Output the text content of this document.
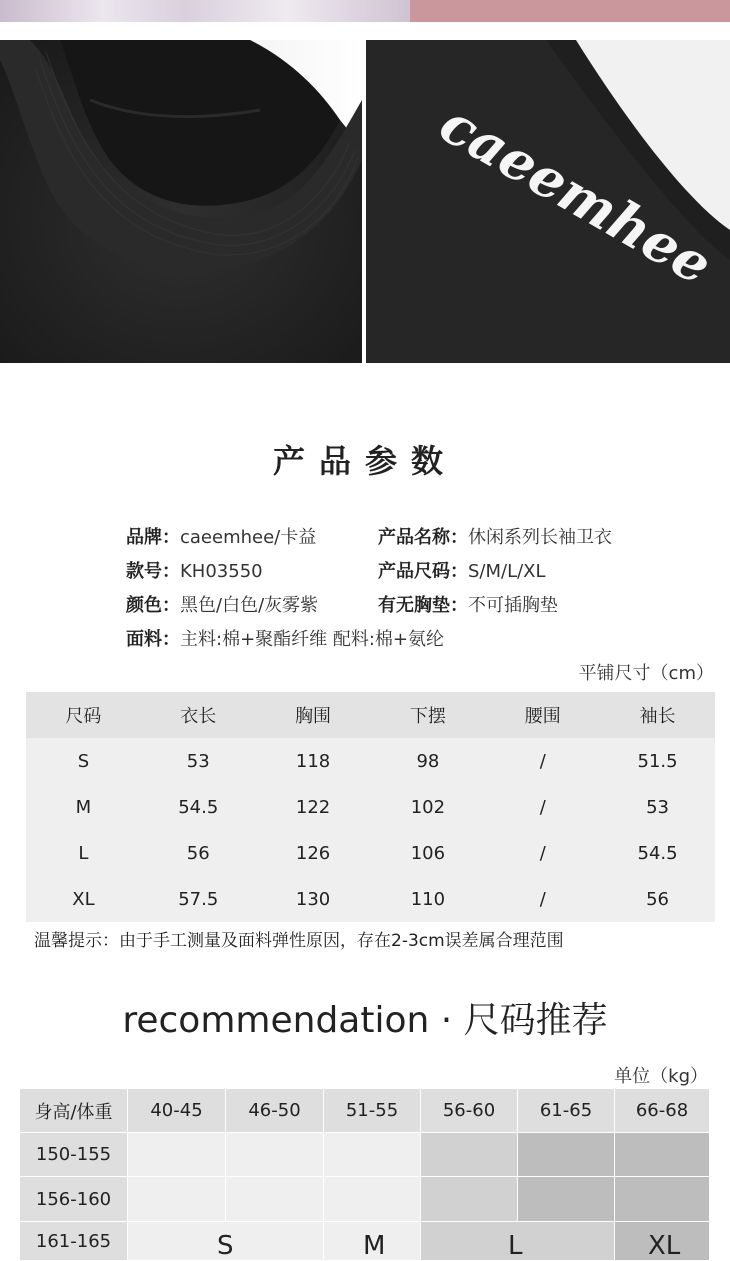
caeemhee
产品参数
品牌：caeemhee/卡益	产品名称：休闲系列长袖卫衣
款号：KH03550	产品尺码：S/M/L/XL
颜色：黑色/白色/灰雾紫	有无胸垫：不可插胸垫
面料：主料:棉+聚酯纤维 配料:棉+氨纶
平铺尺寸（cm）
尺码	衣长	胸围	下摆	腰围	袖长
S	53	118	98	/	51.5
M	54.5	122	102	/	53
L	56	126	106	/	54.5
XL	57.5	130	110	/	56
温馨提示：由于手工测量及面料弹性原因，存在2-3cm误差属合理范围
recommendation · 尺码推荐
单位（kg）
身高/体重	40-45	46-50	51-55	56-60	61-65	66-68
150-155
156-160
161-165	S	M	L	XL
